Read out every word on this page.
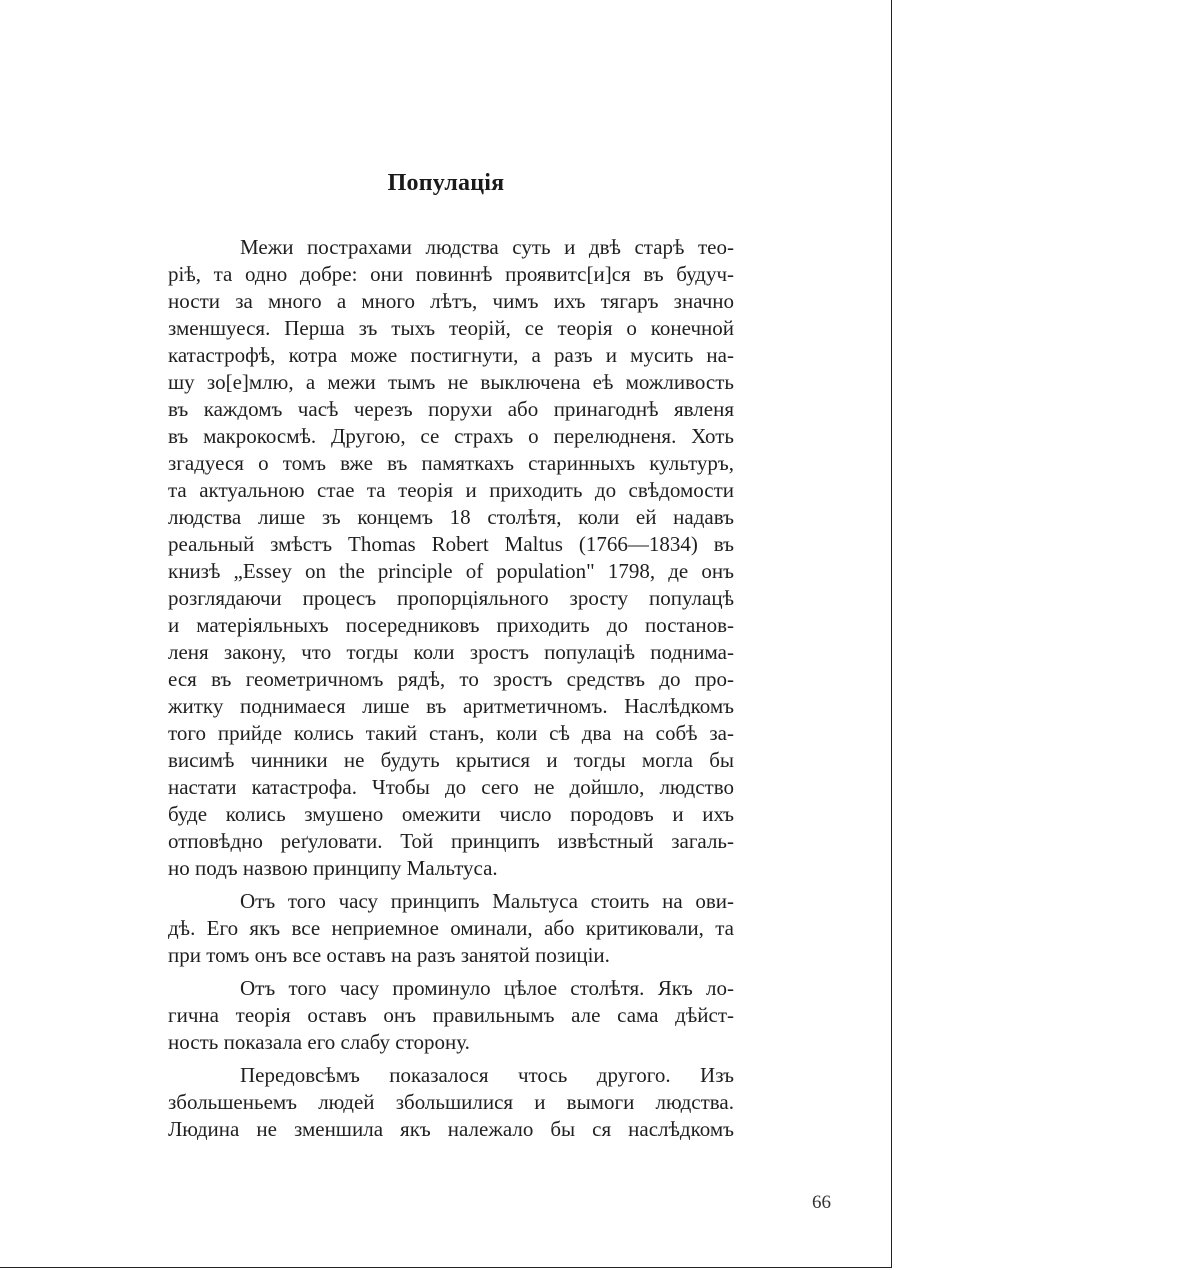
Популація
Межи пострахами людства суть и двѣ старѣ тео-
рiѣ, та одно добре: они повиннѣ проявитс[и]ся въ будуч-
ности за много а много лѣтъ, чимъ ихъ тягаръ значно
зменшуеся. Перша зъ тыхъ теорiй, се теорiя о конечной
катастрофѣ, котра може постигнути, а разъ и мусить на-
шу зо[е]млю, а межи тымъ не выключена еѣ можливость
въ каждомъ часѣ черезъ порухи або принагоднѣ явленя
въ макрокосмѣ. Другою, се страхъ о перелюдненя. Хоть
згадуеся о томъ вже въ памяткахъ старинныхъ культуръ,
та актуальною стае та теорiя и приходить до свѣдомости
людства лише зъ концемъ 18 столѣтя, коли ей надавъ
реальный змѣстъ Thomas Robert Maltus (1766—1834) въ
книзѣ „Essey on the principle of population" 1798, де онъ
розглядаючи процесъ пропорцiяльного зросту популацѣ
и матерiяльныхъ посередниковъ приходить до постанов-
леня закону, что тогды коли зростъ популацiѣ поднима-
еся въ геометричномъ рядѣ, то зростъ средствъ до про-
житку поднимаеся лише въ аритметичномъ. Наслѣдкомъ
того прийде колись такий станъ, коли сѣ два на собѣ за-
висимѣ чинники не будуть крытися и тогды могла бы
настати катастрофа. Чтобы до сего не дойшло, людство
буде колись змушено омежити число породовъ и ихъ
отповѣдно реґуловати. Той принципъ извѣстный загаль-
но подъ назвою принципу Мальтуса.
Отъ того часу принципъ Мальтуса стоить на ови-
дѣ. Его якъ все неприемное оминали, або критиковали, та
при томъ онъ все оставъ на разъ занятой позицiи.
Отъ того часу проминуло цѣлое столѣтя. Якъ ло-
гична теорiя оставъ онъ правильнымъ але сама дѣйст-
ность показала его слабу сторону.
Передовсѣмъ показалося чтось другого. Изъ
збольшеньемъ людей збольшилися и вымоги людства.
Людина не зменшила якъ належало бы ся наслѣдкомъ
66
